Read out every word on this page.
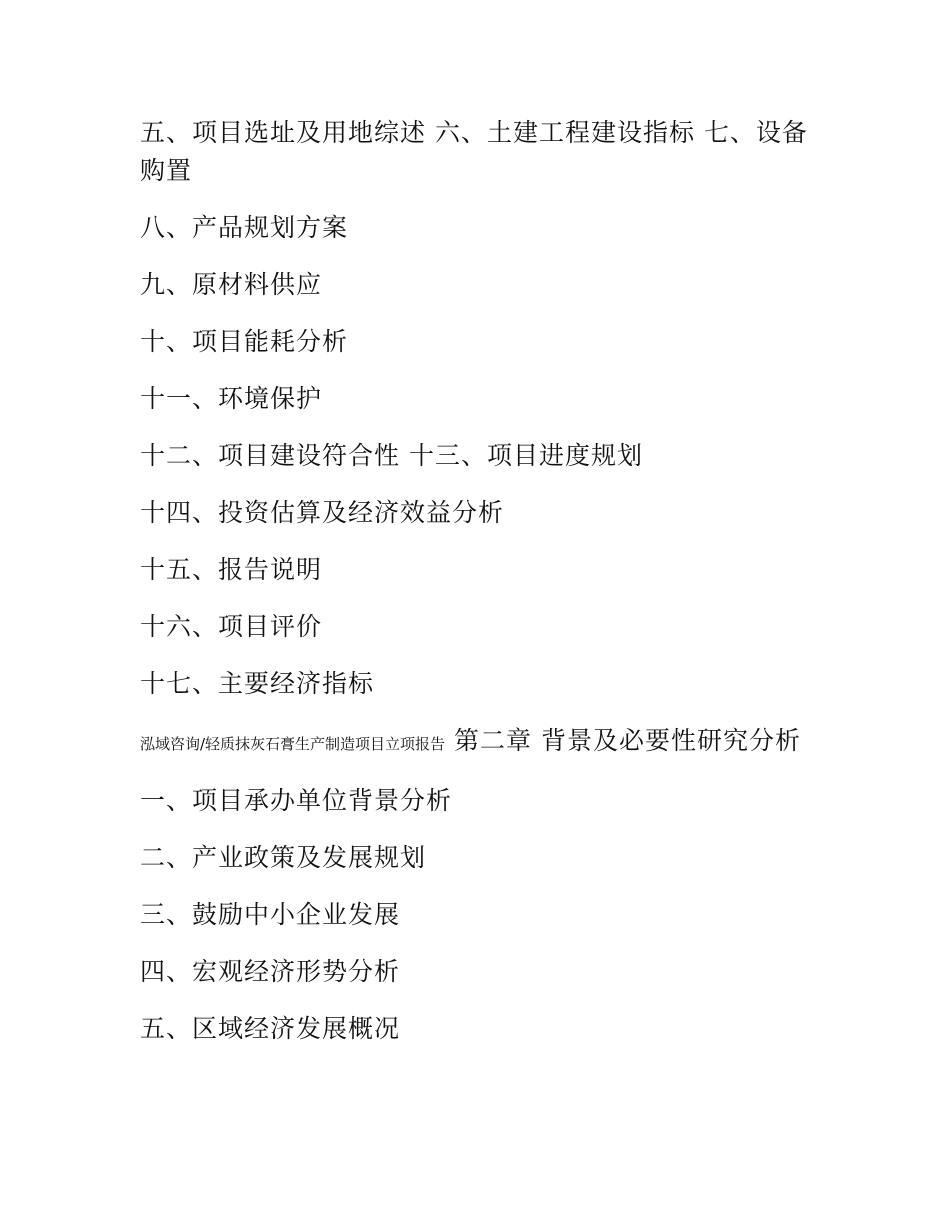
五、项目选址及用地综述 六、土建工程建设指标 七、设备购置
八、产品规划方案
九、原材料供应
十、项目能耗分析
十一、环境保护
十二、项目建设符合性 十三、项目进度规划
十四、投资估算及经济效益分析
十五、报告说明
十六、项目评价
十七、主要经济指标
泓域咨询/轻质抹灰石膏生产制造项目立项报告 第二章 背景及必要性研究分析
一、项目承办单位背景分析
二、产业政策及发展规划
三、鼓励中小企业发展
四、宏观经济形势分析
五、区域经济发展概况
